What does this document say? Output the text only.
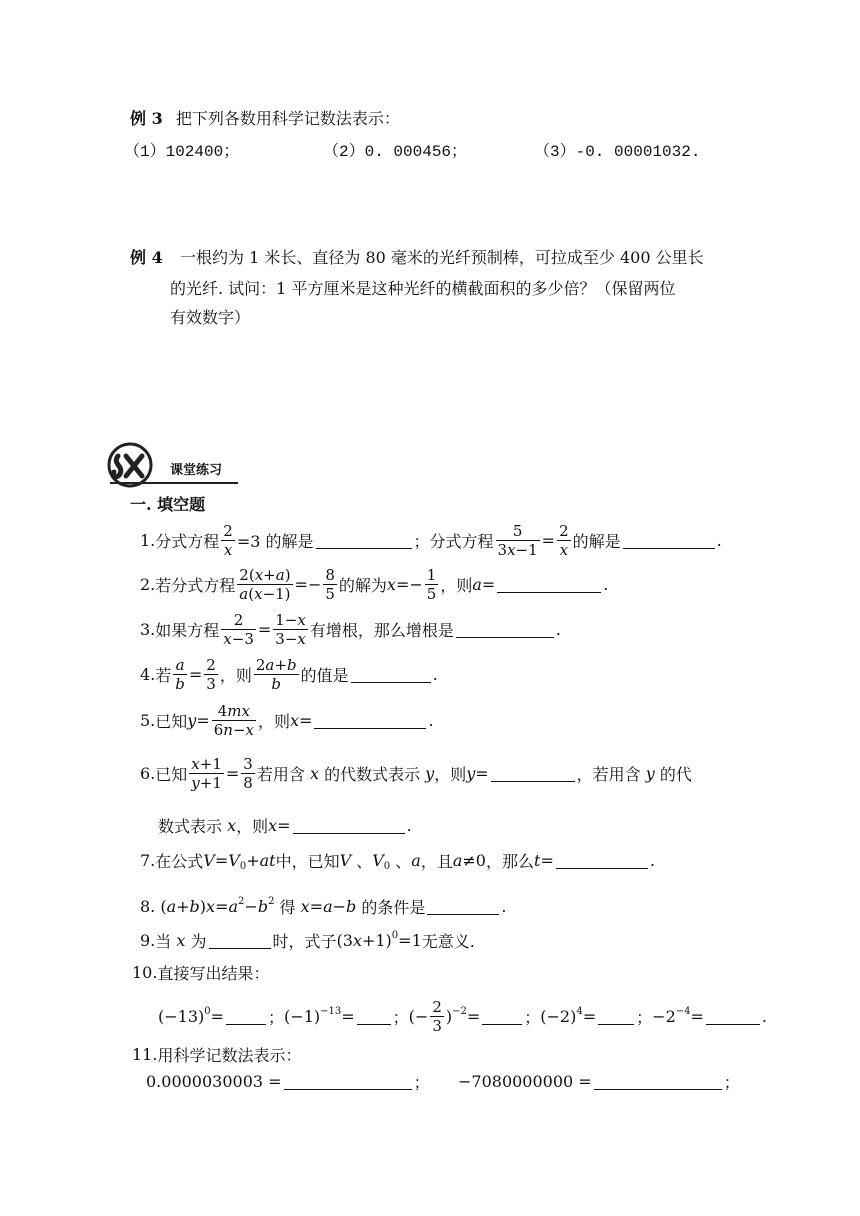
例 3 把下列各数用科学记数法表示：
（1）102400；	（2）0. 000456；	（3）-0. 00001032.
例 4 一根约为 1 米长、直径为 80 毫米的光纤预制棒，可拉成至少 400 公里长
的光纤. 试问：1 平方厘米是这种光纤的横截面积的多少倍？（保留两位
有效数字）
课堂练习
一. 填空题
1. 分式方程 $\frac{2}{x} =3$ 的解是	；分式方程 $\frac{5}{3x-1} = \frac{2}{x}$ 的解是	.
2. 若分式方程 $\frac{2(x+a)}{a(x-1)} =- \frac{8}{5}$ 的解为 $x=- \frac{1}{5}$ ，则 a=	.
3. 如果方程 $\frac{2}{x-3} = \frac{1-x}{3-x}$ 有增根，那么增根是	.
4. 若 $\frac{a}{b} = \frac{2}{3}$ ，则 $\frac{2a+b}{b}$ 的值是	.
5. 已知 $y= \frac{4mx}{6n-x}$ ，则 x=	.
6. 已知 $\frac{x+1}{y+1} = \frac{3}{8}$ 若用含 x 的代数式表示 y ，则 y=	，若用含 y 的代
数式表示 x ，则 x=	.
7. 在公式 $V=V_0+at$ 中，已知 V 、 $V_0$ 、 a ，且 a≠0 ，那么 t=	.
8. $(a+b)x=a^2-b^2$ 得 x=a−b 的条件是	.
9. 当 x 为	时，式子 $(3x+1)^0=1$ 无意义.
10. 直接写出结果：
$(-13)^0=$	； $(-1)^{-13}=$ ； (− $\frac{2}{3} )^{-2}=$	； $(-2)^4=$	； $-2^{-4}=$	.
11. 用科学记数法表示：
0.0000030003 =	； −7080000000 =	；
